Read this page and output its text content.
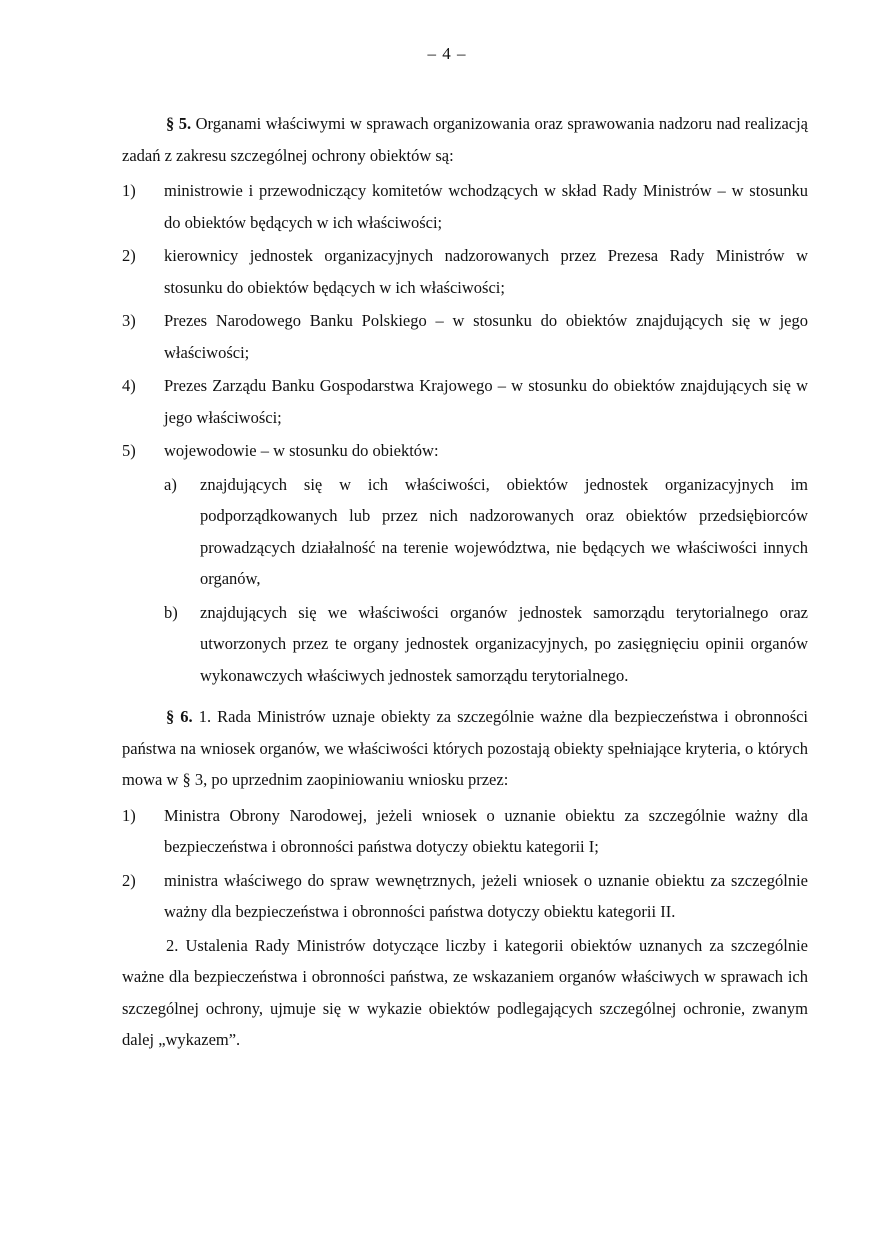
– 4 –

§ 5. Organami właściwymi w sprawach organizowania oraz sprawowania nadzoru nad realizacją zadań z zakresu szczególnej ochrony obiektów są:

1)	ministrowie i przewodniczący komitetów wchodzących w skład Rady Ministrów – w stosunku do obiektów będących w ich właściwości;
2)	kierownicy jednostek organizacyjnych nadzorowanych przez Prezesa Rady Ministrów w stosunku do obiektów będących w ich właściwości;
3)	Prezes Narodowego Banku Polskiego – w stosunku do obiektów znajdujących się w jego właściwości;
4)	Prezes Zarządu Banku Gospodarstwa Krajowego – w stosunku do obiektów znajdujących się w jego właściwości;
5)	wojewodowie – w stosunku do obiektów:
a)	znajdujących się w ich właściwości, obiektów jednostek organizacyjnych im podporządkowanych lub przez nich nadzorowanych oraz obiektów przedsiębiorców prowadzących działalność na terenie województwa, nie będących we właściwości innych organów,
b)	znajdujących się we właściwości organów jednostek samorządu terytorialnego oraz utworzonych przez te organy jednostek organizacyjnych, po zasięgnięciu opinii organów wykonawczych właściwych jednostek samorządu terytorialnego.

§ 6. 1. Rada Ministrów uznaje obiekty za szczególnie ważne dla bezpieczeństwa i obronności państwa na wniosek organów, we właściwości których pozostają obiekty spełniające kryteria, o których mowa w § 3, po uprzednim zaopiniowaniu wniosku przez:

1)	Ministra Obrony Narodowej, jeżeli wniosek o uznanie obiektu za szczególnie ważny dla bezpieczeństwa i obronności państwa dotyczy obiektu kategorii I;
2)	ministra właściwego do spraw wewnętrznych, jeżeli wniosek o uznanie obiektu za szczególnie ważny dla bezpieczeństwa i obronności państwa dotyczy obiektu kategorii II.

2. Ustalenia Rady Ministrów dotyczące liczby i kategorii obiektów uznanych za szczególnie ważne dla bezpieczeństwa i obronności państwa, ze wskazaniem organów właściwych w sprawach ich szczególnej ochrony, ujmuje się w wykazie obiektów podlegających szczególnej ochronie, zwanym dalej „wykazem”.
